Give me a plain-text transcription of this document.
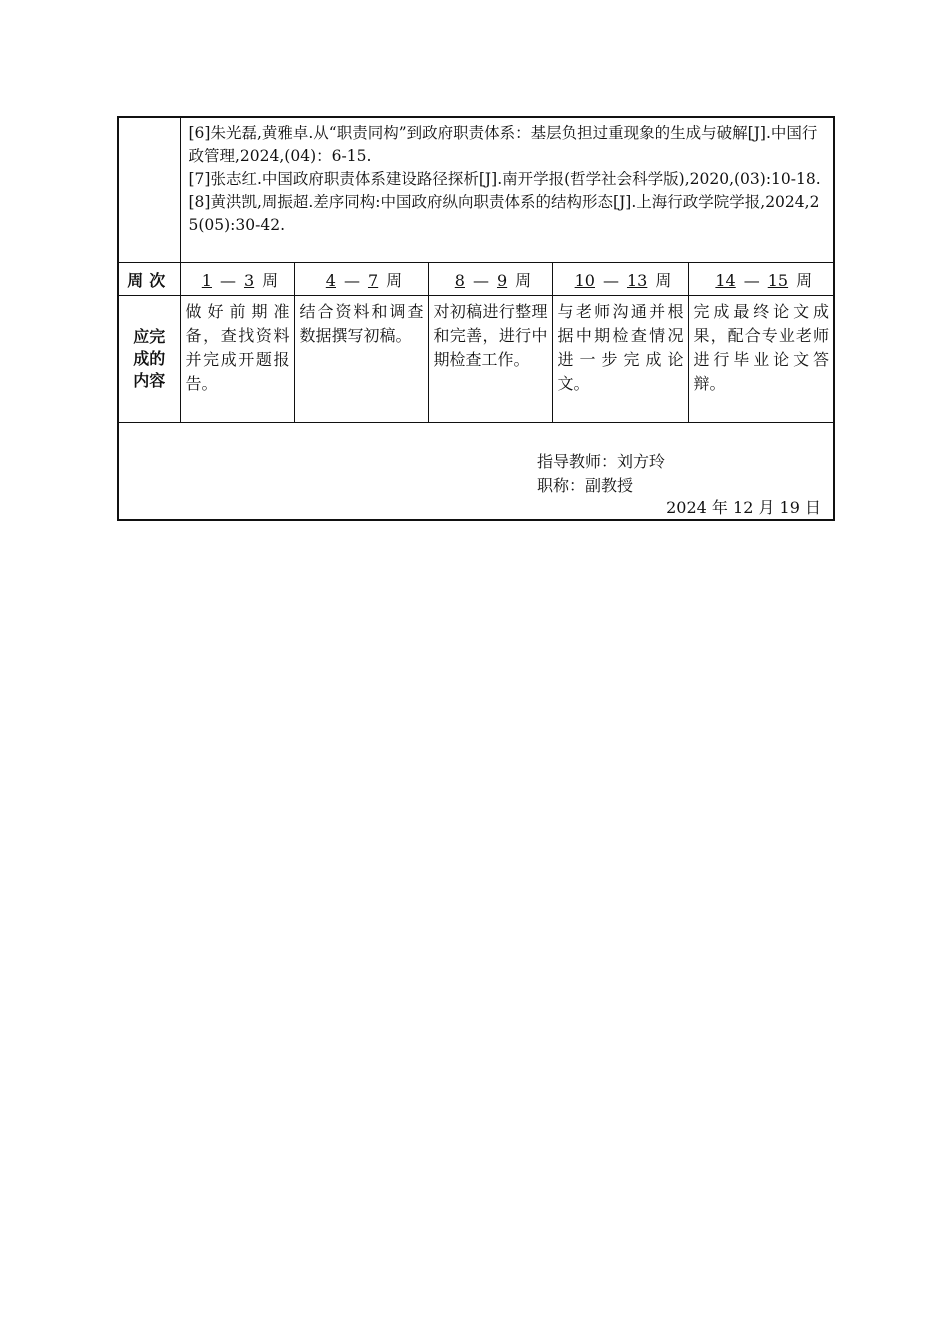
	[6]朱光磊,黄雅卓.从“职责同构”到政府职责体系：基层负担过重现象的生成与破解[J].中国行政管理,2024,(04)：6-15.
[7]张志红.中国政府职责体系建设路径探析[J].南开学报(哲学社会科学版),2020,(03):10-18.
[8]黄洪凯,周振超.差序同构:中国政府纵向职责体系的结构形态[J].上海行政学院学报,2024,25(05):30-42.				

周次	1 — 3 周	4 — 7 周	8 — 9 周	10 — 13 周	14 — 15 周

应完
成的
内容	做好前期准备，查找资料并完成开题报告。	结合资料和调查数据撰写初稿。	对初稿进行整理和完善，进行中期检查工作。	与老师沟通并根据中期检查情况进一步完成论文。	完成最终论文成果，配合专业老师进行毕业论文答辩。

指导教师：刘方玲
职称：副教授
2024 年 12 月 19 日					
